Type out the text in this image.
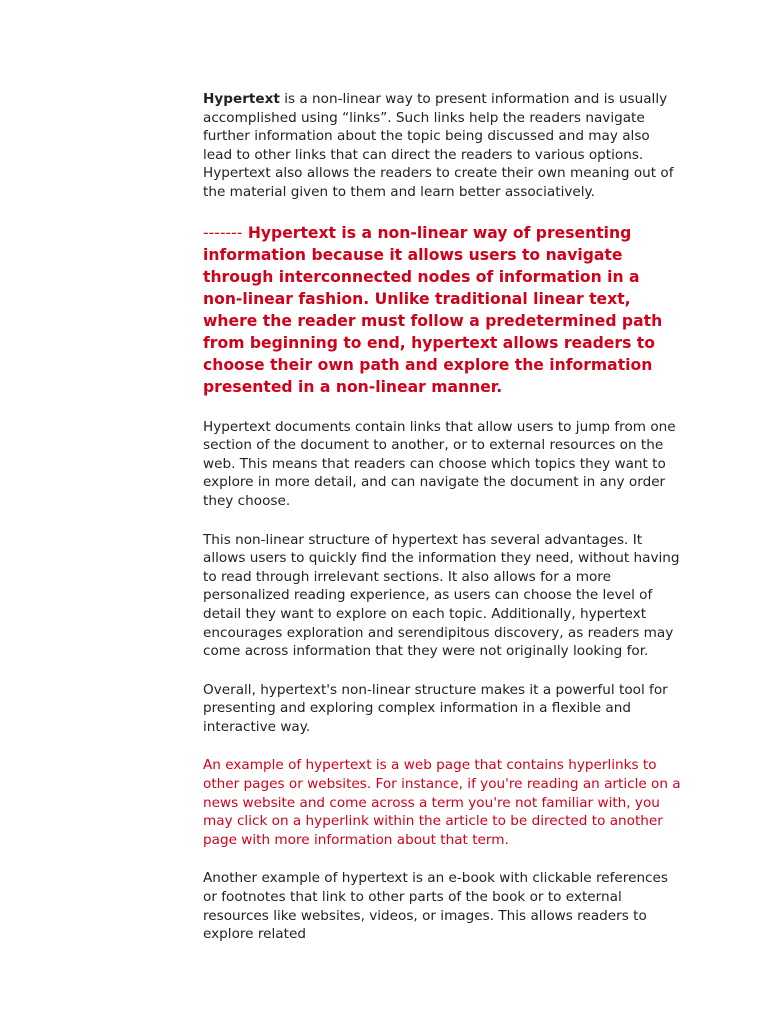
Hypertext is a non-linear way to present information and is usually accomplished using “links”. Such links help the readers navigate further information about the topic being discussed and may also lead to other links that can direct the readers to various options. Hypertext also allows the readers to create their own meaning out of the material given to them and learn better associatively.

------- Hypertext is a non-linear way of presenting information because it allows users to navigate through interconnected nodes of information in a non-linear fashion. Unlike traditional linear text, where the reader must follow a predetermined path from beginning to end, hypertext allows readers to choose their own path and explore the information presented in a non-linear manner.

Hypertext documents contain links that allow users to jump from one section of the document to another, or to external resources on the web. This means that readers can choose which topics they want to explore in more detail, and can navigate the document in any order they choose.

This non-linear structure of hypertext has several advantages. It allows users to quickly find the information they need, without having to read through irrelevant sections. It also allows for a more personalized reading experience, as users can choose the level of detail they want to explore on each topic. Additionally, hypertext encourages exploration and serendipitous discovery, as readers may come across information that they were not originally looking for.

Overall, hypertext's non-linear structure makes it a powerful tool for presenting and exploring complex information in a flexible and interactive way.

An example of hypertext is a web page that contains hyperlinks to other pages or websites. For instance, if you're reading an article on a news website and come across a term you're not familiar with, you may click on a hyperlink within the article to be directed to another page with more information about that term.

Another example of hypertext is an e-book with clickable references or footnotes that link to other parts of the book or to external resources like websites, videos, or images. This allows readers to explore related
